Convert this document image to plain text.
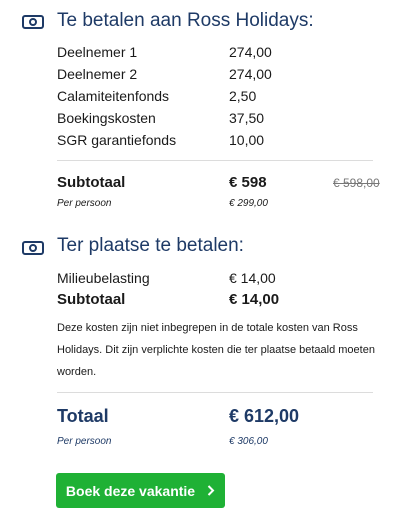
Te betalen aan Ross Holidays:
Deelnemer 1	274,00
Deelnemer 2	274,00
Calamiteitenfonds	2,50
Boekingskosten	37,50
SGR garantiefonds	10,00
Subtotaal	€ 598	€ 598,00
Per persoon	€ 299,00
Ter plaatse te betalen:
Milieubelasting	€ 14,00
Subtotaal	€ 14,00
Deze kosten zijn niet inbegrepen in de totale kosten van Ross Holidays. Dit zijn verplichte kosten die ter plaatse betaald moeten worden.
Totaal	€ 612,00
Per persoon	€ 306,00
Boek deze vakantie
